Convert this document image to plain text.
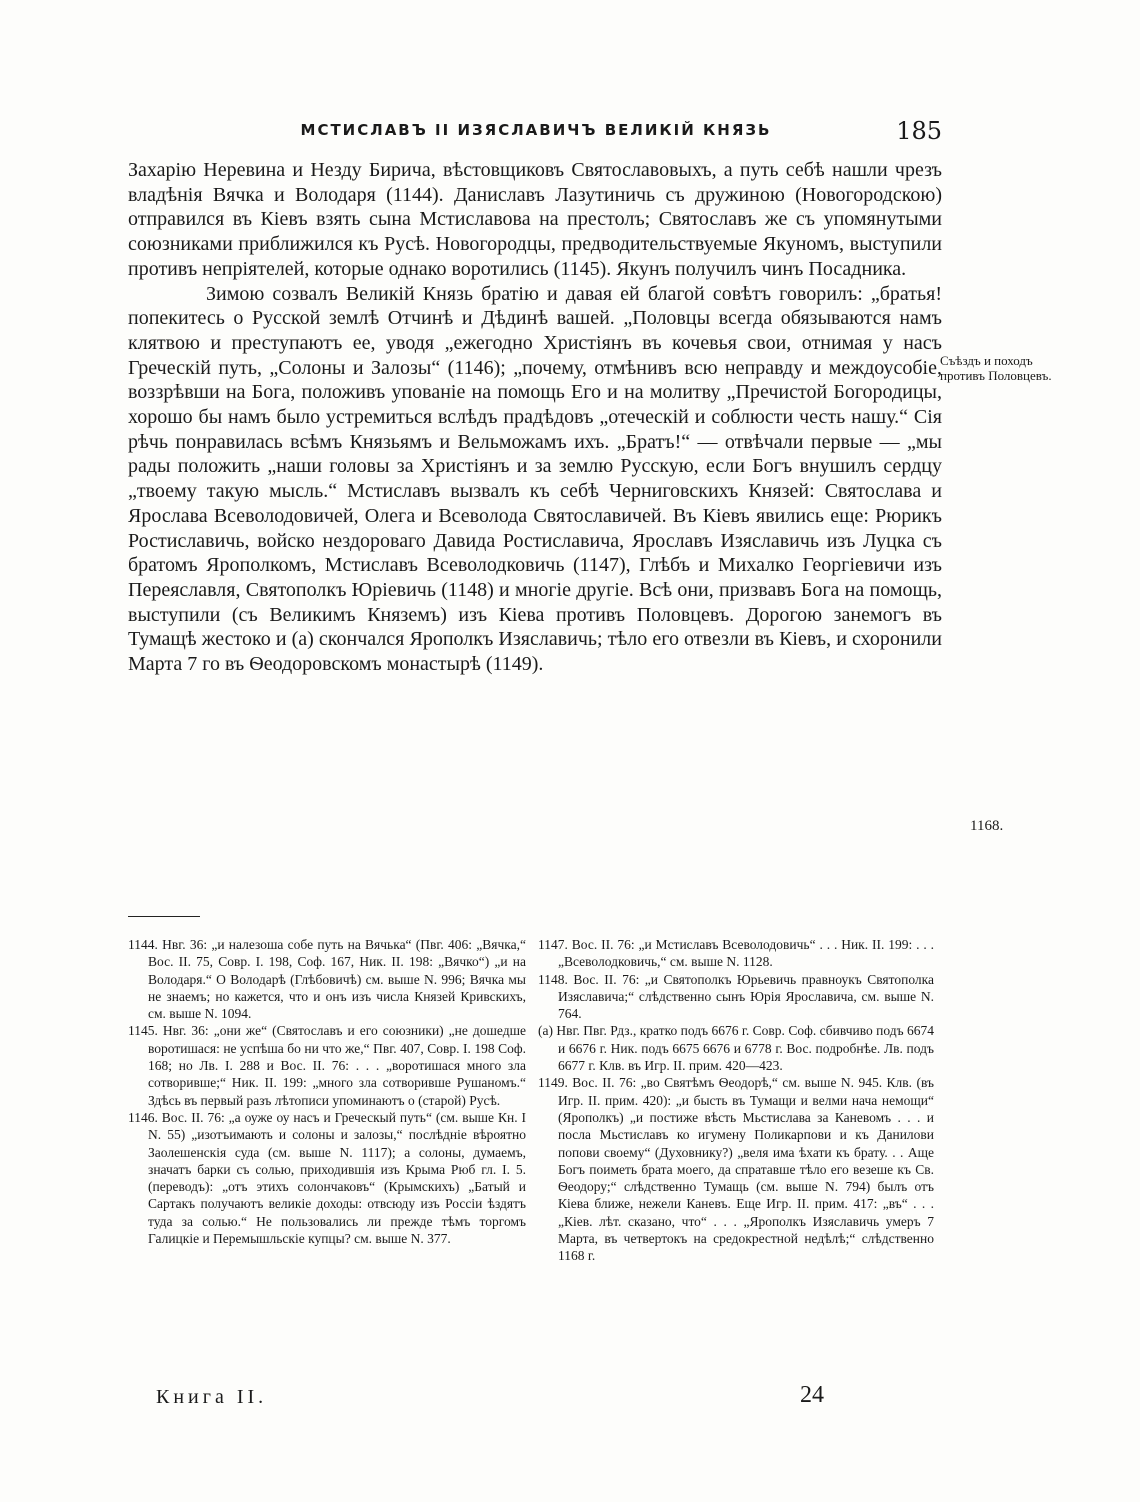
МСТИСЛАВЪ II ИЗЯСЛАВИЧЪ ВЕЛИКІЙ КНЯЗЬ	185

Захарію Неревина и Незду Бирича, вѣстовщиковъ Святославовыхъ, а путь себѣ нашли чрезъ владѣнія Вячка и Володаря (1144). Даниславъ Лазутиничь съ дружиною (Новогородскою) отправился въ Кіевъ взять сына Мстиславова на престолъ; Святославъ же съ упомянутыми союзниками приближился къ Русѣ. Новогородцы, предводительствуемые Якуномъ, выступили противъ непріятелей, которые однако воротились (1145). Якунъ получилъ чинъ Посадника.

Зимою созвалъ Великій Князь братію и давая ей благой совѣтъ говорилъ: „братья! попекитесь о Русской землѣ Отчинѣ и Дѣдинѣ вашей. „Половцы всегда обязываются намъ клятвою и преступаютъ ее, уводя „ежегодно Христіянъ въ кочевья свои, отнимая у насъ Греческій путь, „Солоны и Залозы“ (1146); „почему, отмѣнивъ всю неправду и междоусобіе, воззрѣвши на Бога, положивъ упованіе на помощь Его и на молитву „Пречистой Богородицы, хорошо бы намъ было устремиться вслѣдъ прадѣдовъ „отечеcкій и соблюсти честь нашу.“ Сія рѣчь понравилась всѣмъ Князьямъ и Вельможамъ ихъ. „Братъ!“ — отвѣчали первые — „мы рады положить „наши головы за Христіянъ и за землю Русскую, если Богъ внушилъ сердцу „твоему такую мысль.“ Мстиславъ вызвалъ къ себѣ Черниговскихъ Князей: Святослава и Ярослава Всеволодовичей, Олега и Всеволода Святославичей. Въ Кіевъ явились еще: Рюрикъ Ростиславичь, войско нездороваго Давида Ростиславича, Ярославъ Изяславичь изъ Луцка съ братомъ Ярополкомъ, Мстиславъ Всеволодковичь (1147), Глѣбъ и Михалко Георгіевичи изъ Переяславля, Святополкъ Юріевичь (1148) и многіе другіе. Всѣ они, призвавъ Бога на помощь, выступили (съ Великимъ Княземъ) изъ Кіева противъ Половцевъ. Дорогою занемогъ въ Тумащѣ жестоко и (а) скончался Ярополкъ Изяславичь; тѣло его отвезли въ Кіевъ, и схоронили Марта 7 го въ Ѳеодоровскомъ монастырѣ (1149).

Съѣздъ и походъ противъ Половцевъ.
1168.

1144. Нвг. 36: „и налезоша собе путь на Вячька“ (Пвг. 406: „Вячка,“ Вос. II. 75, Совр. I. 198, Соф. 167, Ник. II. 198: „Вячко“) „и на Володаря.“ О Володарѣ (Глѣбовичѣ) см. выше N. 996; Вячка мы не знаемъ; но кажется, что и онъ изъ числа Князей Кривскихъ, см. выше N. 1094.

1145. Нвг. 36: „они же“ (Святославъ и его союзники) „не дошедше воротишася: не успѣша бо ни что же,“ Пвг. 407, Совр. I. 198 Соф. 168; но Лв. I. 288 и Вос. II. 76: . . . „воротишася много зла сотворивше;“ Ник. II. 199: „много зла сотворивше Рушаномъ.“ Здѣсь въ первый разъ лѣтописи упоминаютъ о (старой) Русѣ.

1146. Вос. II. 76: „а оуже оу насъ и Греческый путь“ (см. выше Кн. I N. 55) „изотъимають и солоны и залозы,“ послѣдніе вѣроятно Заолешенскія суда (см. выше N. 1117); а солоны, думаемъ, значатъ барки съ солью, приходившія изъ Крыма Рюб гл. I. 5. (переводъ): „отъ этихъ солончаковъ“ (Крымскихъ) „Батый и Сартакъ получаютъ великіе доходы: отвсюду изъ Россіи ѣздятъ туда за солью.“ Не пользовались ли прежде тѣмъ торгомъ Галицкіе и Перемышльскіе купцы? см. выше N. 377.

1147. Вос. II. 76: „и Мстиславъ Всеволодовичь“ . . . Ник. II. 199: . . . „Всеволодковичь,“ см. выше N. 1128.

1148. Вос. II. 76: „и Святополкъ Юрьевичь правноукъ Святополка Изяславича;“ слѣдственно сынъ Юрія Ярославича, см. выше N. 764.

(а) Нвг. Пвг. Рдз., кратко подъ 6676 г. Совр. Соф. сбивчиво подъ 6674 и 6676 г. Ник. подъ 6675 6676 и 6778 г. Вос. подробнѣе. Лв. подъ 6677 г. Клв. въ Игр. II. прим. 420—423.

1149. Вос. II. 76: „во Святѣмъ Ѳеодорѣ,“ см. выше N. 945. Клв. (въ Игр. II. прим. 420): „и бысть въ Тумащи и велми нача немощи“ (Ярополкъ) „и постиже вѣсть Мьстислава за Каневомъ . . . и посла Мьстиславъ ко игумену Поликарпови и къ Данилови попови своему“ (Духовнику?) „веля има ѣхати къ брату. . . Аще Богъ поиметь брата моего, да спратавше тѣло его везеше къ Св. Ѳеодору;“ слѣдственно Тумащь (см. выше N. 794) былъ отъ Кіева ближе, нежели Каневъ. Еще Игр. II. прим. 417: „въ“ . . . „Кіев. лѣт. сказано, что“ . . . „Ярополкъ Изяславичь умеръ 7 Марта, въ четвертокъ на средокрестной недѣлѣ;“ слѣдственно 1168 г.

Книга II.	24
